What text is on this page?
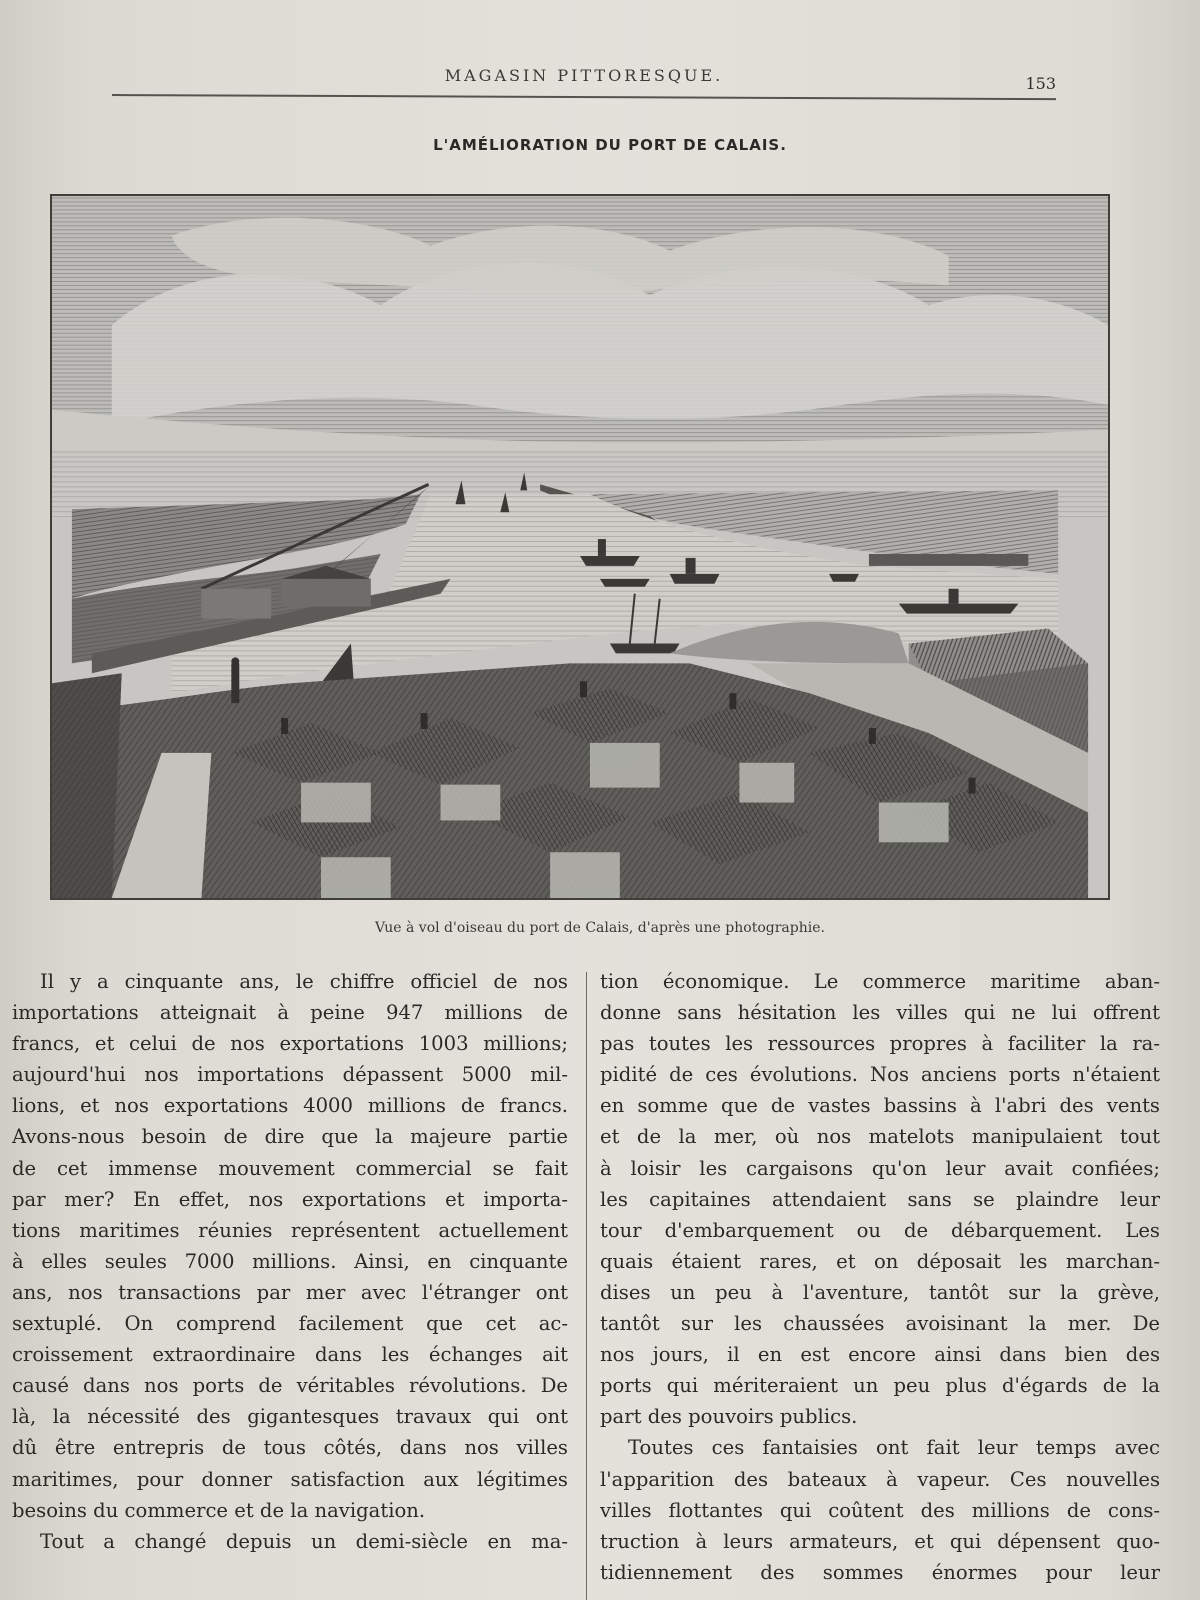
MAGASIN PITTORESQUE.	153
L'AMÉLIORATION DU PORT DE CALAIS.
Vue à vol d'oiseau du port de Calais, d'après une photographie.
Il y a cinquante ans, le chiffre officiel de nos
importations atteignait à peine 947 millions de
francs, et celui de nos exportations 1003 millions;
aujourd'hui nos importations dépassent 5000 mil-
lions, et nos exportations 4000 millions de francs.
Avons-nous besoin de dire que la majeure partie
de cet immense mouvement commercial se fait
par mer? En effet, nos exportations et importa-
tions maritimes réunies représentent actuellement
à elles seules 7000 millions. Ainsi, en cinquante
ans, nos transactions par mer avec l'étranger ont
sextuplé. On comprend facilement que cet ac-
croissement extraordinaire dans les échanges ait
causé dans nos ports de véritables révolutions. De
là, la nécessité des gigantesques travaux qui ont
dû être entrepris de tous côtés, dans nos villes
maritimes, pour donner satisfaction aux légitimes
besoins du commerce et de la navigation.
Tout a changé depuis un demi-siècle en ma-
tion économique. Le commerce maritime aban-
donne sans hésitation les villes qui ne lui offrent
pas toutes les ressources propres à faciliter la ra-
pidité de ces évolutions. Nos anciens ports n'étaient
en somme que de vastes bassins à l'abri des vents
et de la mer, où nos matelots manipulaient tout
à loisir les cargaisons qu'on leur avait confiées;
les capitaines attendaient sans se plaindre leur
tour d'embarquement ou de débarquement. Les
quais étaient rares, et on déposait les marchan-
dises un peu à l'aventure, tantôt sur la grève,
tantôt sur les chaussées avoisinant la mer. De
nos jours, il en est encore ainsi dans bien des
ports qui mériteraient un peu plus d'égards de la
part des pouvoirs publics.
Toutes ces fantaisies ont fait leur temps avec
l'apparition des bateaux à vapeur. Ces nouvelles
villes flottantes qui coûtent des millions de cons-
truction à leurs armateurs, et qui dépensent quo-
tidiennement des sommes énormes pour leur
